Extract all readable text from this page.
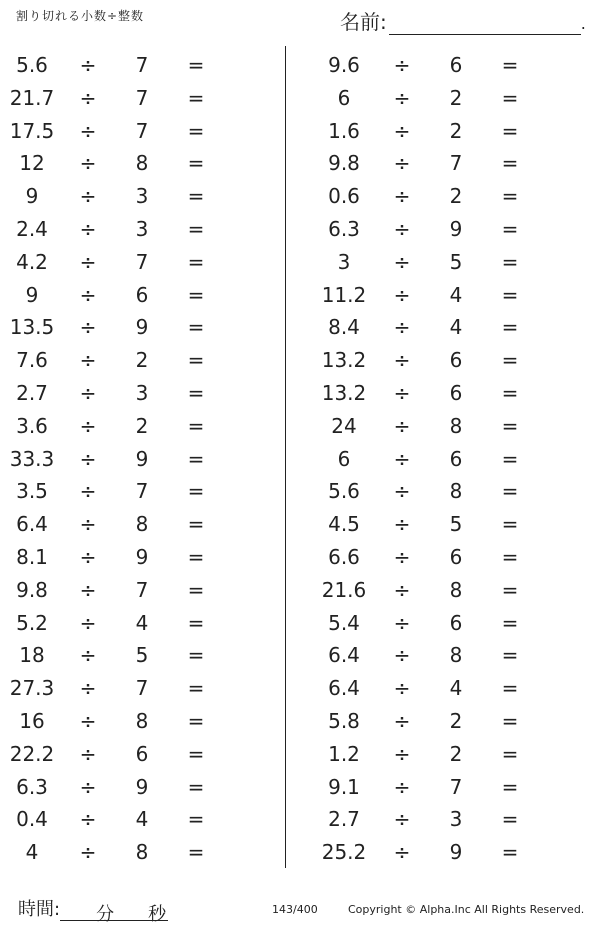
割り切れる小数÷整数	名前:	.
5.6	÷ 7 =
21.7 ÷ 7 =
17.5 ÷ 7 =
12	÷ 8 =
9	÷ 3 =
2.4	÷ 3 =
4.2	÷ 7 =
9	÷ 6 =
13.5 ÷ 9 =
7.6	÷ 2 =
2.7	÷ 3 =
3.6	÷ 2 =
33.3 ÷ 9 =
3.5	÷ 7 =
6.4	÷ 8 =
8.1	÷ 9 =
9.8	÷ 7 =
5.2	÷ 4 =
18	÷ 5 =
27.3 ÷ 7 =
16	÷ 8 =
22.2 ÷ 6 =
6.3	÷ 9 =
0.4	÷ 4 =
4	÷ 8 =
9.6	÷ 6 =
6	÷ 2 =
1.6	÷ 2 =
9.8	÷ 7 =
0.6	÷ 2 =
6.3	÷ 9 =
3	÷ 5 =
11.2	÷ 4 =
8.4	÷ 4 =
13.2	÷ 6 =
13.2	÷ 6 =
24	÷ 8 =
6	÷ 6 =
5.6	÷ 8 =
4.5	÷ 5 =
6.6	÷ 6 =
21.6	÷ 8 =
5.4	÷ 6 =
6.4	÷ 8 =
6.4	÷ 4 =
5.8	÷ 2 =
1.2	÷ 2 =
9.1	÷ 7 =
2.7	÷ 3 =
25.2	÷ 9 =
時間: 分 秒	143/400	Copyright © Alpha.Inc All Rights Reserved.
